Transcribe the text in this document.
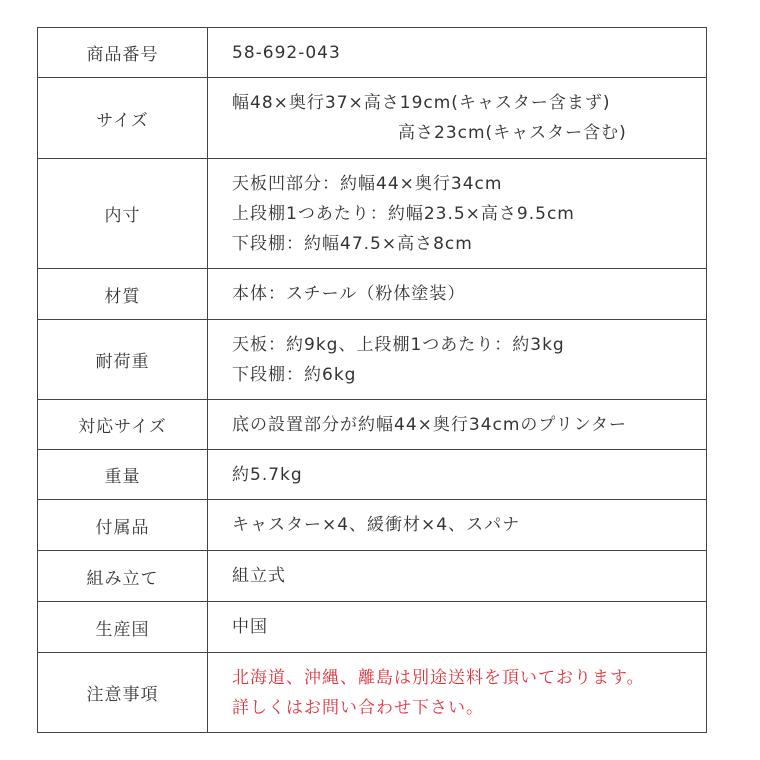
商品番号	58-692-043

サイズ	幅48×奥行37×高さ19cm(キャスター含まず)
高さ23cm(キャスター含む)

内寸	天板凹部分：約幅44×奥行34cm
上段棚1つあたり：約幅23.5×高さ9.5cm
下段棚：約幅47.5×高さ8cm

材質	本体：スチール（粉体塗装）

耐荷重	天板：約9kg、上段棚1つあたり：約3kg
下段棚：約6kg

対応サイズ	底の設置部分が約幅44×奥行34cmのプリンター

重量	約5.7kg

付属品	キャスター×4、緩衝材×4、スパナ

組み立て	組立式

生産国	中国

注意事項	北海道、沖縄、離島は別途送料を頂いております。
詳しくはお問い合わせ下さい。
